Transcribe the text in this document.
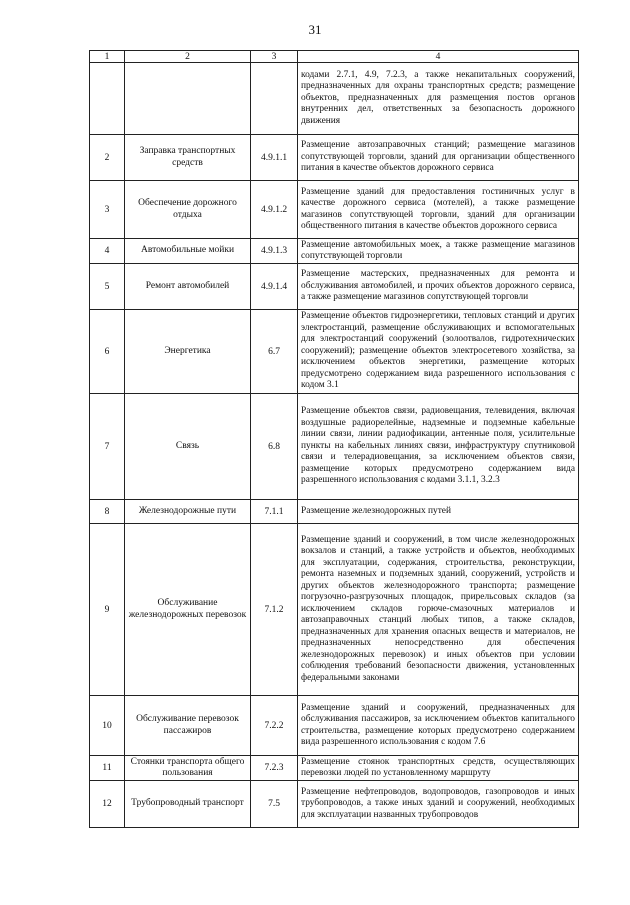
31
1	2	3	4
			кодами 2.7.1, 4.9, 7.2.3, а также некапитальных сооружений, предназначенных для охраны транспортных средств; размещение объектов, предназначенных для размещения постов органов внутренних дел, ответственных за безопасность дорожного движения
2	Заправка транспортных средств	4.9.1.1	Размещение автозаправочных станций; размещение магазинов сопутствующей торговли, зданий для организации общественного питания в качестве объектов дорожного сервиса
3	Обеспечение дорожного отдыха	4.9.1.2	Размещение зданий для предоставления гостиничных услуг в качестве дорожного сервиса (мотелей), а также размещение магазинов сопутствующей торговли, зданий для организации общественного питания в качестве объектов дорожного сервиса
4	Автомобильные мойки	4.9.1.3	Размещение автомобильных моек, а также размещение магазинов сопутствующей торговли
5	Ремонт автомобилей	4.9.1.4	Размещение мастерских, предназначенных для ремонта и обслуживания автомобилей, и прочих объектов дорожного сервиса, а также размещение магазинов сопутствующей торговли
6	Энергетика	6.7	Размещение объектов гидроэнергетики, тепловых станций и других электростанций, размещение обслуживающих и вспомогательных для электростанций сооружений (золоотвалов, гидротехнических сооружений); размещение объектов электросетевого хозяйства, за исключением объектов энергетики, размещение которых предусмотрено содержанием вида разрешенного использования с кодом 3.1
7	Связь	6.8	Размещение объектов связи, радиовещания, телевидения, включая воздушные радиорелейные, надземные и подземные кабельные линии связи, линии радиофикации, антенные поля, усилительные пункты на кабельных линиях связи, инфраструктуру спутниковой связи и телерадиовещания, за исключением объектов связи, размещение которых предусмотрено содержанием вида разрешенного использования с кодами 3.1.1, 3.2.3
8	Железнодорожные пути	7.1.1	Размещение железнодорожных путей
9	Обслуживание железнодорожных перевозок	7.1.2	Размещение зданий и сооружений, в том числе железнодорожных вокзалов и станций, а также устройств и объектов, необходимых для эксплуатации, содержания, строительства, реконструкции, ремонта наземных и подземных зданий, сооружений, устройств и других объектов железнодорожного транспорта; размещение погрузочно-разгрузочных площадок, прирельсовых складов (за исключением складов горюче-смазочных материалов и автозаправочных станций любых типов, а также складов, предназначенных для хранения опасных веществ и материалов, не предназначенных непосредственно для обеспечения железнодорожных перевозок) и иных объектов при условии соблюдения требований безопасности движения, установленных федеральными законами
10	Обслуживание перевозок пассажиров	7.2.2	Размещение зданий и сооружений, предназначенных для обслуживания пассажиров, за исключением объектов капитального строительства, размещение которых предусмотрено содержанием вида разрешенного использования с кодом 7.6
11	Стоянки транспорта общего пользования	7.2.3	Размещение стоянок транспортных средств, осуществляющих перевозки людей по установленному маршруту
12	Трубопроводный транспорт	7.5	Размещение нефтепроводов, водопроводов, газопроводов и иных трубопроводов, а также иных зданий и сооружений, необходимых для эксплуатации названных трубопроводов
